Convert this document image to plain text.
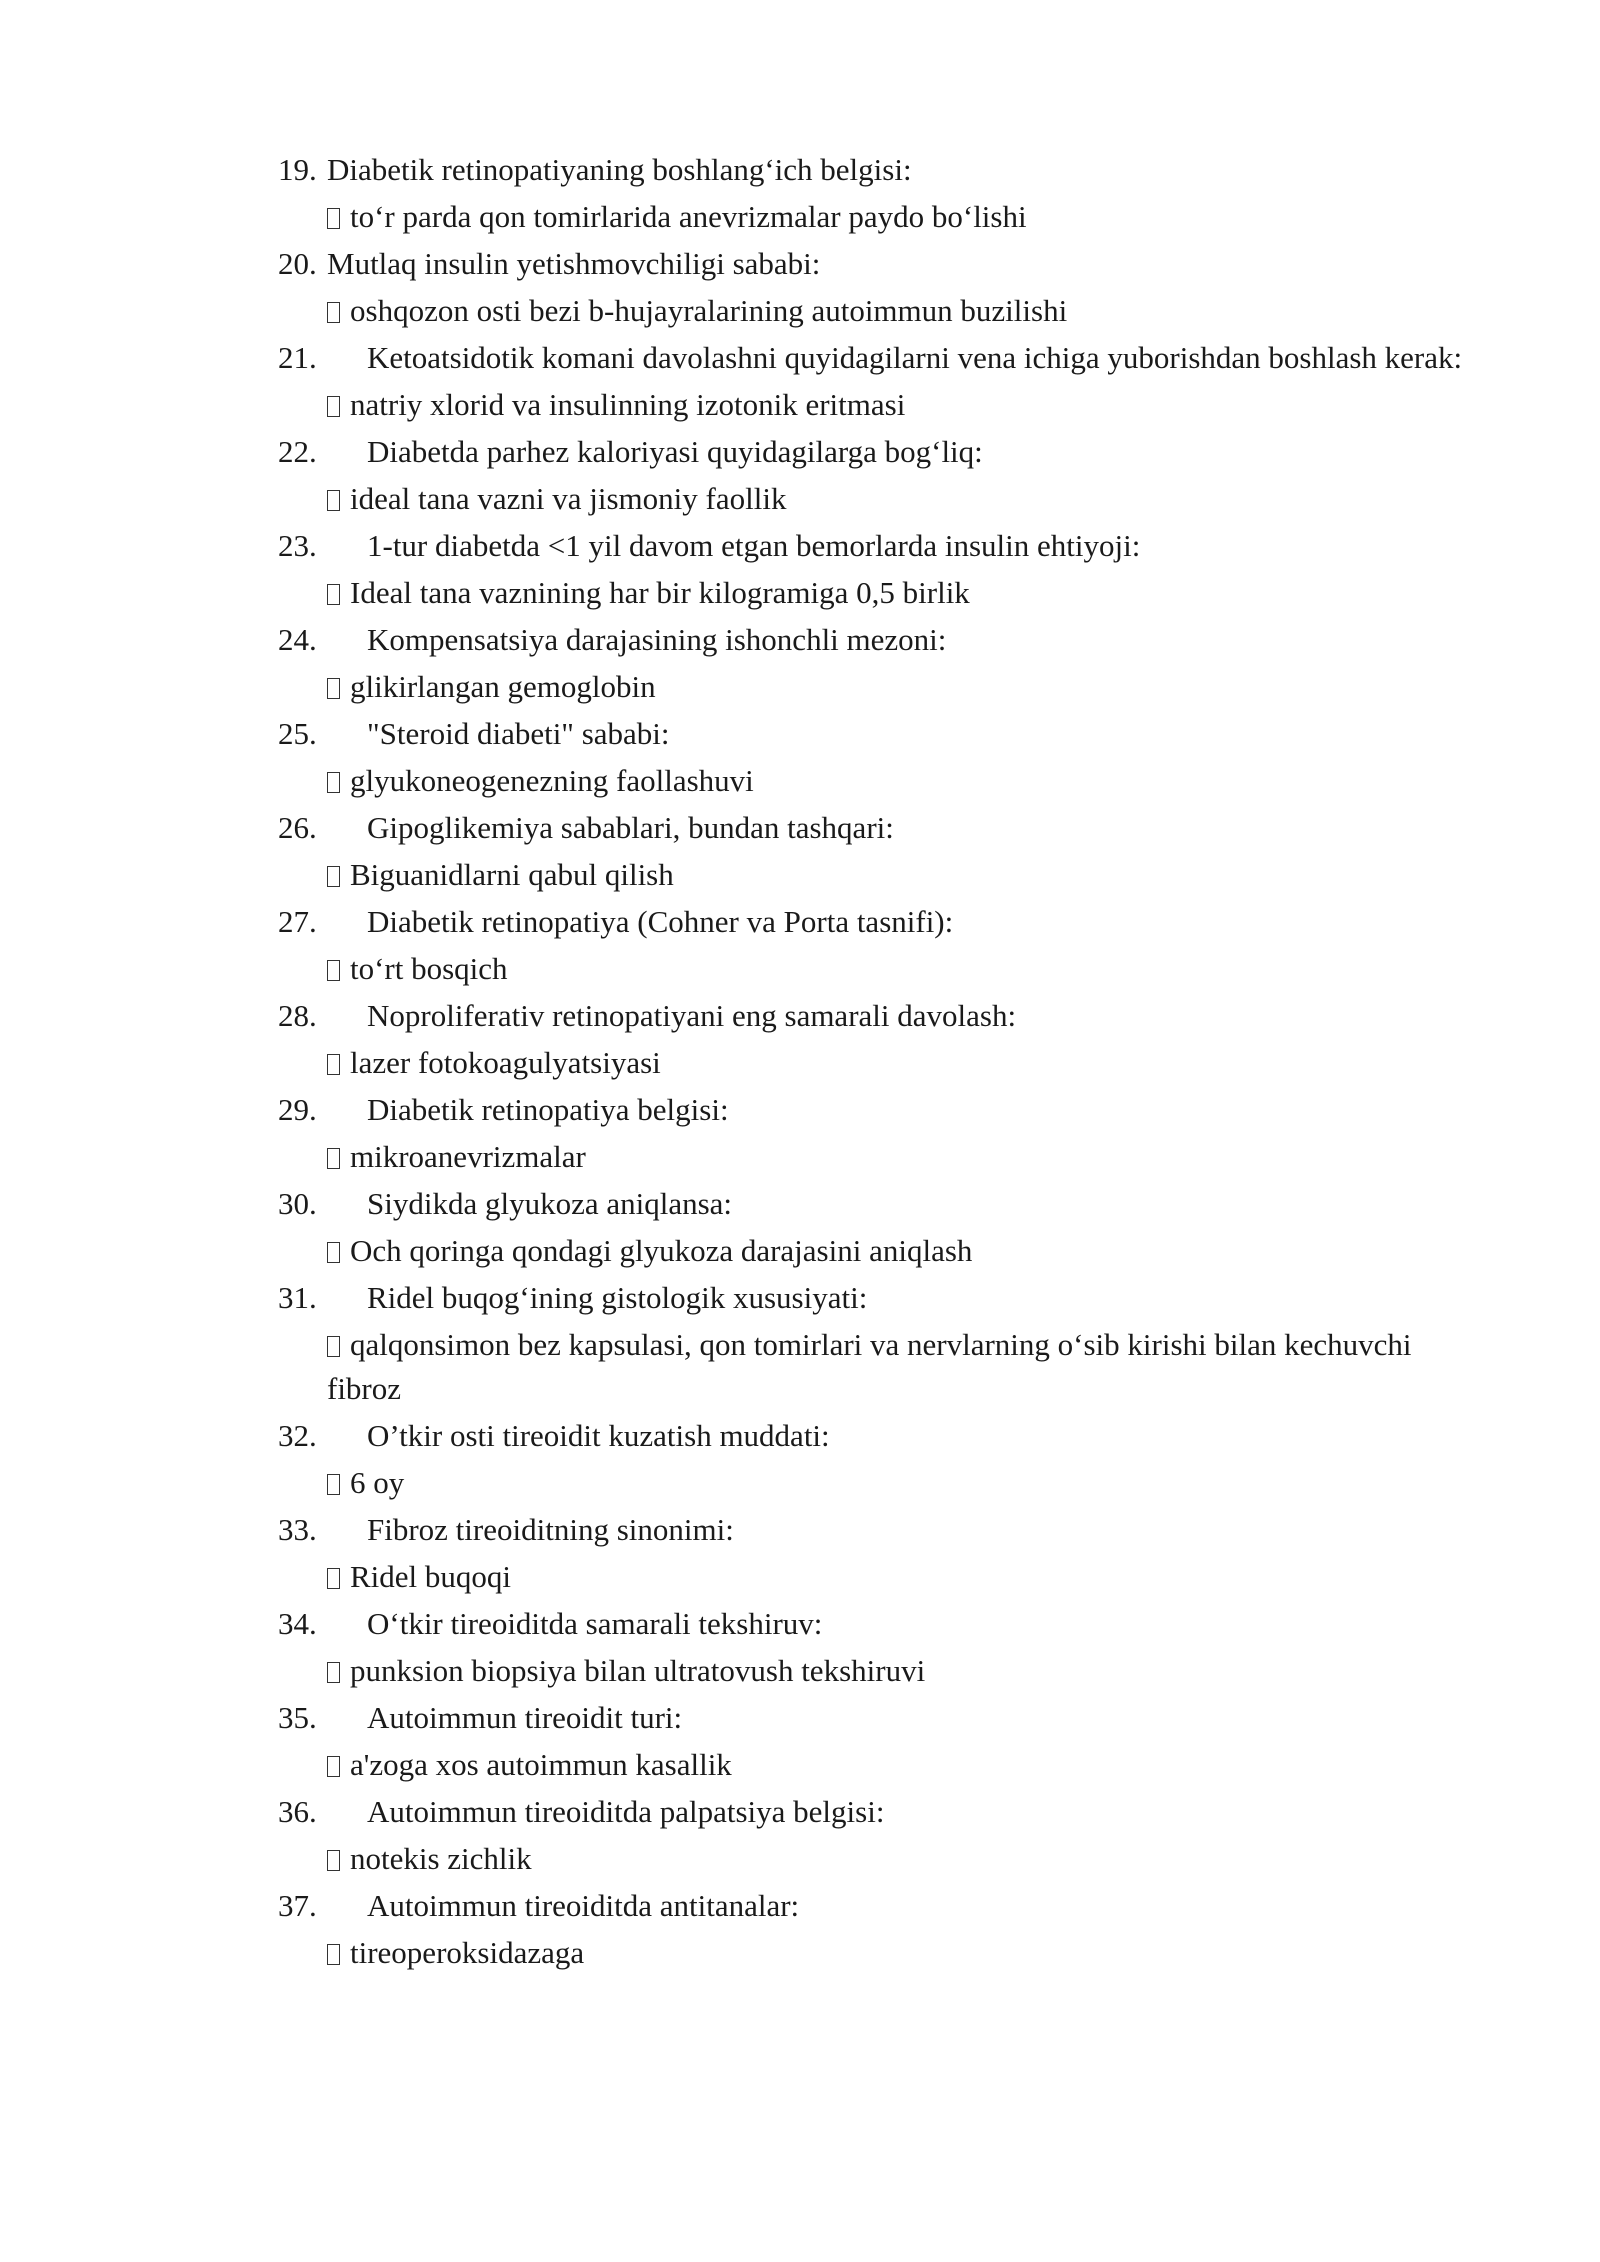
19. Diabetik retinopatiyaning boshlang‘ich belgisi:
to‘r parda qon tomirlarida anevrizmalar paydo bo‘lishi
20. Mutlaq insulin yetishmovchiligi sababi:
oshqozon osti bezi b-hujayralarining autoimmun buzilishi
21. Ketoatsidotik komani davolashni quyidagilarni vena ichiga yuborishdan boshlash kerak:
natriy xlorid va insulinning izotonik eritmasi
22. Diabetda parhez kaloriyasi quyidagilarga bog‘liq:
ideal tana vazni va jismoniy faollik
23. 1-tur diabetda <1 yil davom etgan bemorlarda insulin ehtiyoji:
Ideal tana vaznining har bir kilogramiga 0,5 birlik
24. Kompensatsiya darajasining ishonchli mezoni:
glikirlangan gemoglobin
25. "Steroid diabeti" sababi:
glyukoneogenezning faollashuvi
26. Gipoglikemiya sabablari, bundan tashqari:
Biguanidlarni qabul qilish
27. Diabetik retinopatiya (Cohner va Porta tasnifi):
to‘rt bosqich
28. Noproliferativ retinopatiyani eng samarali davolash:
lazer fotokoagulyatsiyasi
29. Diabetik retinopatiya belgisi:
mikroanevrizmalar
30. Siydikda glyukoza aniqlansa:
Och qoringa qondagi glyukoza darajasini aniqlash
31. Ridel buqog‘ining gistologik xususiyati:
qalqonsimon bez kapsulasi, qon tomirlari va nervlarning o‘sib kirishi bilan kechuvchi fibroz
32. O’tkir osti tireoidit kuzatish muddati:
6 oy
33. Fibroz tireoiditning sinonimi:
Ridel buqoqi
34. O‘tkir tireoiditda samarali tekshiruv:
punksion biopsiya bilan ultratovush tekshiruvi
35. Autoimmun tireoidit turi:
a'zoga xos autoimmun kasallik
36. Autoimmun tireoiditda palpatsiya belgisi:
notekis zichlik
37. Autoimmun tireoiditda antitanalar:
tireoperoksidazaga
